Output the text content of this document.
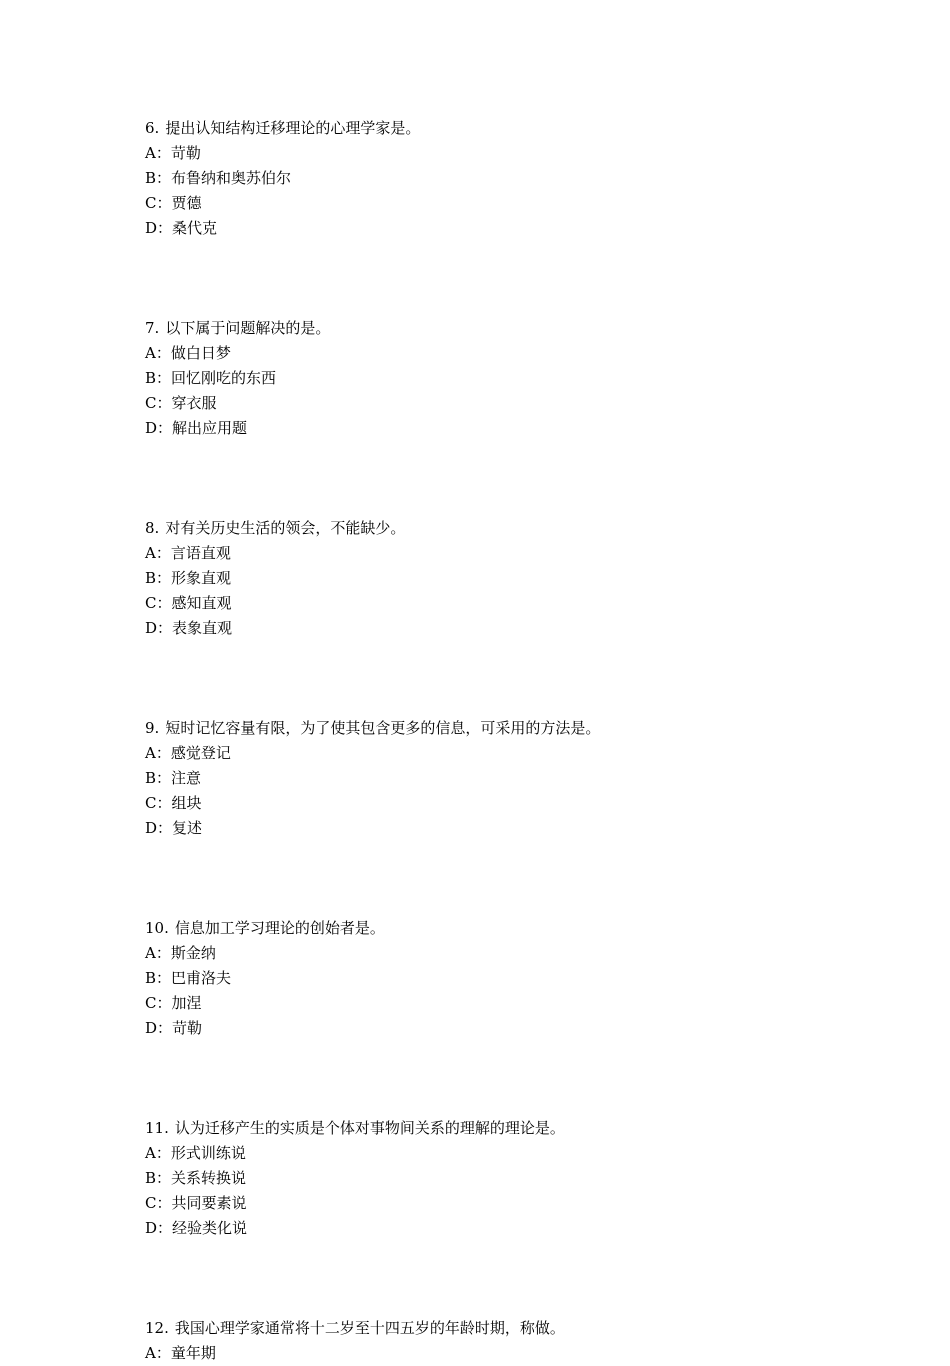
6. 提出认知结构迁移理论的心理学家是。
A：苛勒
B：布鲁纳和奥苏伯尔
C：贾德
D：桑代克
7. 以下属于问题解决的是。
A：做白日梦
B：回忆刚吃的东西
C：穿衣服
D：解出应用题
8. 对有关历史生活的领会，不能缺少。
A：言语直观
B：形象直观
C：感知直观
D：表象直观
9. 短时记忆容量有限，为了使其包含更多的信息，可采用的方法是。
A：感觉登记
B：注意
C：组块
D：复述
10. 信息加工学习理论的创始者是。
A：斯金纳
B：巴甫洛夫
C：加涅
D：苛勒
11. 认为迁移产生的实质是个体对事物间关系的理解的理论是。
A：形式训练说
B：关系转换说
C：共同要素说
D：经验类化说
12. 我国心理学家通常将十二岁至十四五岁的年龄时期，称做。
A：童年期
